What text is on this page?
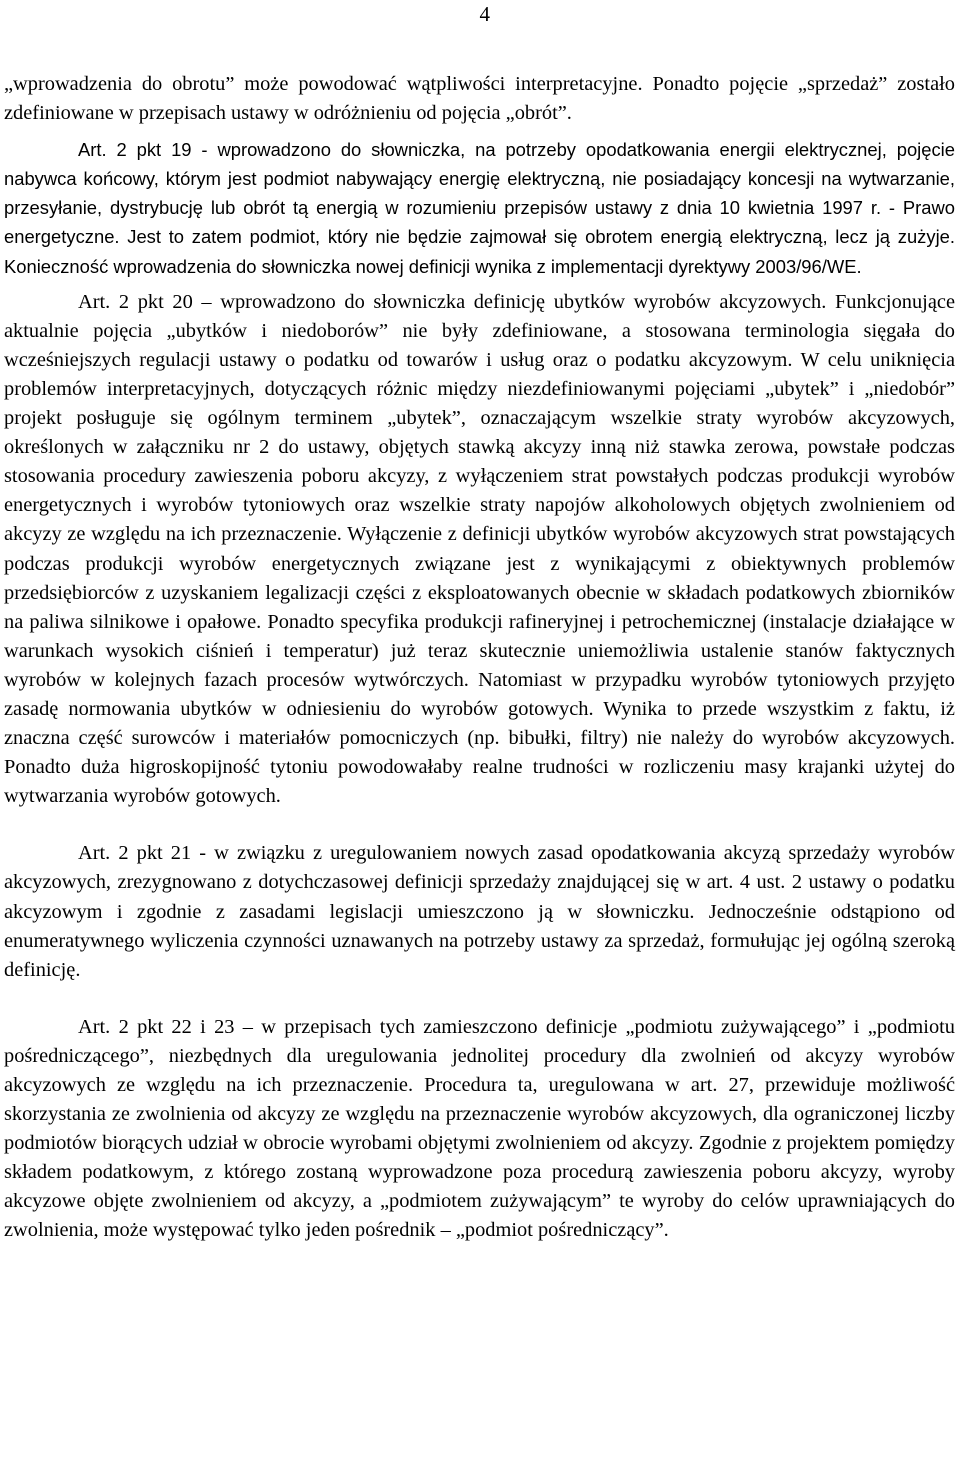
4

„wprowadzenia do obrotu” może powodować wątpliwości interpretacyjne. Ponadto pojęcie „sprzedaż” zostało zdefiniowane w przepisach ustawy w odróżnieniu od pojęcia „obrót”.

Art. 2 pkt 19 - wprowadzono do słowniczka, na potrzeby opodatkowania energii elektrycznej, pojęcie nabywca końcowy, którym jest podmiot nabywający energię elektryczną, nie posiadający koncesji na wytwarzanie, przesyłanie, dystrybucję lub obrót tą energią w rozumieniu przepisów ustawy z dnia 10 kwietnia 1997 r. - Prawo energetyczne. Jest to zatem podmiot, który nie będzie zajmował się obrotem energią elektryczną, lecz ją zużyje. Konieczność wprowadzenia do słowniczka nowej definicji wynika z implementacji dyrektywy 2003/96/WE.

Art. 2 pkt 20 – wprowadzono do słowniczka definicję ubytków wyrobów akcyzowych. Funkcjonujące aktualnie pojęcia „ubytków i niedoborów” nie były zdefiniowane, a stosowana terminologia sięgała do wcześniejszych regulacji ustawy o podatku od towarów i usług oraz o podatku akcyzowym. W celu uniknięcia problemów interpretacyjnych, dotyczących różnic między niezdefiniowanymi pojęciami „ubytek” i „niedobór” projekt posługuje się ogólnym terminem „ubytek”, oznaczającym wszelkie straty wyrobów akcyzowych, określonych w załączniku nr 2 do ustawy, objętych stawką akcyzy inną niż stawka zerowa, powstałe podczas stosowania procedury zawieszenia poboru akcyzy, z wyłączeniem strat powstałych podczas produkcji wyrobów energetycznych i wyrobów tytoniowych oraz wszelkie straty napojów alkoholowych objętych zwolnieniem od akcyzy ze względu na ich przeznaczenie. Wyłączenie z definicji ubytków wyrobów akcyzowych strat powstających podczas produkcji wyrobów energetycznych związane jest z wynikającymi z obiektywnych problemów przedsiębiorców z uzyskaniem legalizacji części z eksploatowanych obecnie w składach podatkowych zbiorników na paliwa silnikowe i opałowe. Ponadto specyfika produkcji rafineryjnej i petrochemicznej (instalacje działające w warunkach wysokich ciśnień i temperatur) już teraz skutecznie uniemożliwia ustalenie stanów faktycznych wyrobów w kolejnych fazach procesów wytwórczych. Natomiast w przypadku wyrobów tytoniowych przyjęto zasadę normowania ubytków w odniesieniu do wyrobów gotowych. Wynika to przede wszystkim z faktu, iż znaczna część surowców i materiałów pomocniczych (np. bibułki, filtry) nie należy do wyrobów akcyzowych. Ponadto duża higroskopijność tytoniu powodowałaby realne trudności w rozliczeniu masy krajanki użytej do wytwarzania wyrobów gotowych.

Art. 2 pkt 21 - w związku z uregulowaniem nowych zasad opodatkowania akcyzą sprzedaży wyrobów akcyzowych, zrezygnowano z dotychczasowej definicji sprzedaży znajdującej się w art. 4 ust. 2 ustawy o podatku akcyzowym i zgodnie z zasadami legislacji umieszczono ją w słowniczku. Jednocześnie odstąpiono od enumeratywnego wyliczenia czynności uznawanych na potrzeby ustawy za sprzedaż, formułując jej ogólną szeroką definicję.

Art. 2 pkt 22 i 23 – w przepisach tych zamieszczono definicje „podmiotu zużywającego” i „podmiotu pośredniczącego”, niezbędnych dla uregulowania jednolitej procedury dla zwolnień od akcyzy wyrobów akcyzowych ze względu na ich przeznaczenie. Procedura ta, uregulowana w art. 27, przewiduje możliwość skorzystania ze zwolnienia od akcyzy ze względu na przeznaczenie wyrobów akcyzowych, dla ograniczonej liczby podmiotów biorących udział w obrocie wyrobami objętymi zwolnieniem od akcyzy. Zgodnie z projektem pomiędzy składem podatkowym, z którego zostaną wyprowadzone poza procedurą zawieszenia poboru akcyzy, wyroby akcyzowe objęte zwolnieniem od akcyzy, a „podmiotem zużywającym” te wyroby do celów uprawniających do zwolnienia, może występować tylko jeden pośrednik – „podmiot pośredniczący”.
